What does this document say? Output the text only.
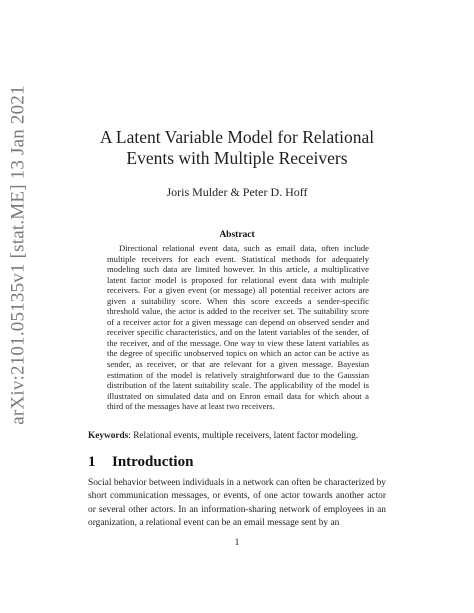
arXiv:2101.05135v1 [stat.ME] 13 Jan 2021	A Latent Variable Model for Relational Events with Multiple Receivers
Joris Mulder & Peter D. Hoff
Abstract
Directional relational event data, such as email data, often include multiple receivers for each event. Statistical methods for adequately modeling such data are limited however. In this article, a multiplicative latent factor model is proposed for relational event data with multiple receivers. For a given event (or message) all potential receiver actors are given a suitability score. When this score exceeds a sender-specific threshold value, the actor is added to the receiver set. The suitability score of a receiver actor for a given message can depend on observed sender and receiver specific characteristics, and on the latent variables of the sender, of the receiver, and of the message. One way to view these latent variables as the degree of specific unobserved topics on which an actor can be active as sender, as receiver, or that are relevant for a given message. Bayesian estimation of the model is relatively straightforward due to the Gaussian distribution of the latent suitability scale. The applicability of the model is illustrated on simulated data and on Enron email data for which about a third of the messages have at least two receivers.
Keywords: Relational events, multiple receivers, latent factor modeling.
1 Introduction
Social behavior between individuals in a network can often be characterized by short communication messages, or events, of one actor towards another actor or several other actors. In an information-sharing network of employees in an organization, a relational event can be an email message sent by an
1
